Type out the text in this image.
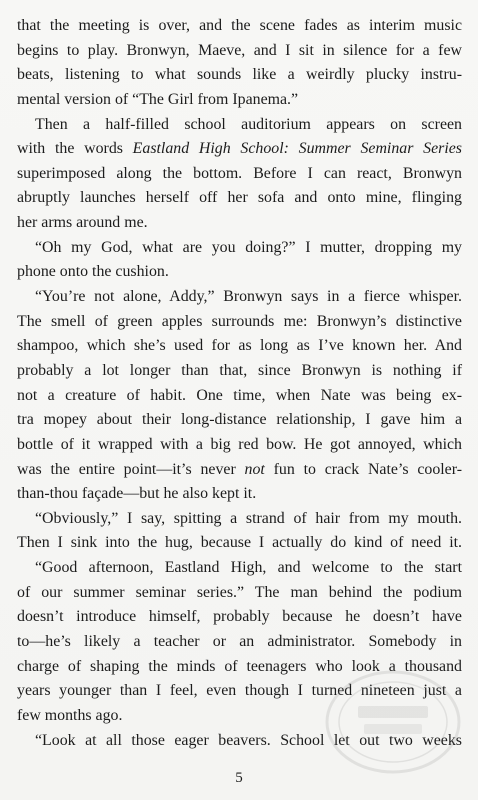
that the meeting is over, and the scene fades as interim music
begins to play. Bronwyn, Maeve, and I sit in silence for a few
beats, listening to what sounds like a weirdly plucky instru-
mental version of “The Girl from Ipanema.”
Then a half-filled school auditorium appears on screen
with the words Eastland High School: Summer Seminar Series
superimposed along the bottom. Before I can react, Bronwyn
abruptly launches herself off her sofa and onto mine, flinging
her arms around me.
“Oh my God, what are you doing?” I mutter, dropping my
phone onto the cushion.
“You’re not alone, Addy,” Bronwyn says in a fierce whisper.
The smell of green apples surrounds me: Bronwyn’s distinctive
shampoo, which she’s used for as long as I’ve known her. And
probably a lot longer than that, since Bronwyn is nothing if
not a creature of habit. One time, when Nate was being ex-
tra mopey about their long-distance relationship, I gave him a
bottle of it wrapped with a big red bow. He got annoyed, which
was the entire point—it’s never not fun to crack Nate’s cooler-
than-thou façade—but he also kept it.
“Obviously,” I say, spitting a strand of hair from my mouth.
Then I sink into the hug, because I actually do kind of need it.
“Good afternoon, Eastland High, and welcome to the start
of our summer seminar series.” The man behind the podium
doesn’t introduce himself, probably because he doesn’t have
to—he’s likely a teacher or an administrator. Somebody in
charge of shaping the minds of teenagers who look a thousand
years younger than I feel, even though I turned nineteen just a
few months ago.
“Look at all those eager beavers. School let out two weeks
5
